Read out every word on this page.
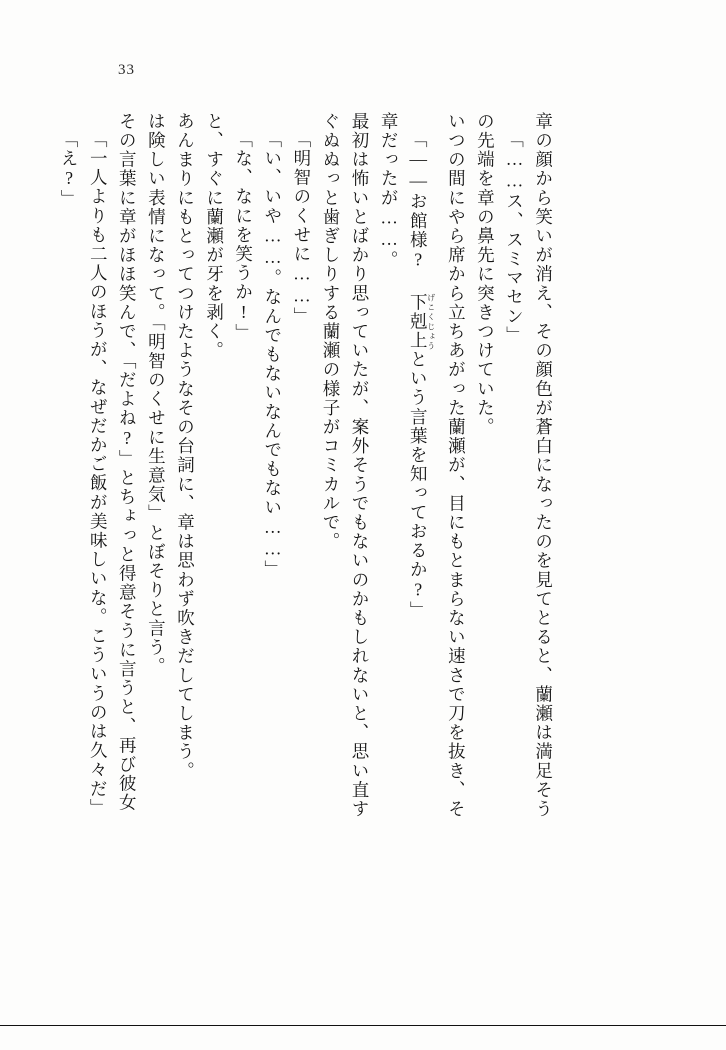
33
「え?」 「一人よりも二人のほうが、なぜだかご飯が美味しいな。こういうのは久々だ」 その言葉に章がほほ笑んで、「だよね?」とちょっと得意そうに言うと、再び彼女 は険しい表情になって。「明智のくせに生意気」とぼそりと言う。 あんまりにもとってつけたようなその台詞に、章は思わず吹きだしてしまう。 と、すぐに蘭瀬が牙を剥く。 「な、なにを笑うか!」 「い、いや……。なんでもないなんでもない……」 「明智のくせに……」 ぐぬぬっと歯ぎしりする蘭瀬の様子がコミカルで。 最初は怖いとばかり思っていたが、案外そうでもないのかもしれないと、思い直す 章だったが……。 「――お館様? 下剋上げこくじょうという言葉を知っておるか?」	いつの間にやら席から立ちあがった蘭瀬が、目にもとまらない速さで刀を抜き、そ の先端を章の鼻先に突きつけていた。 「……ス、スミマセン」 章の顔から笑いが消え、その顔色が蒼白になったのを見てとると、蘭瀬は満足そう
